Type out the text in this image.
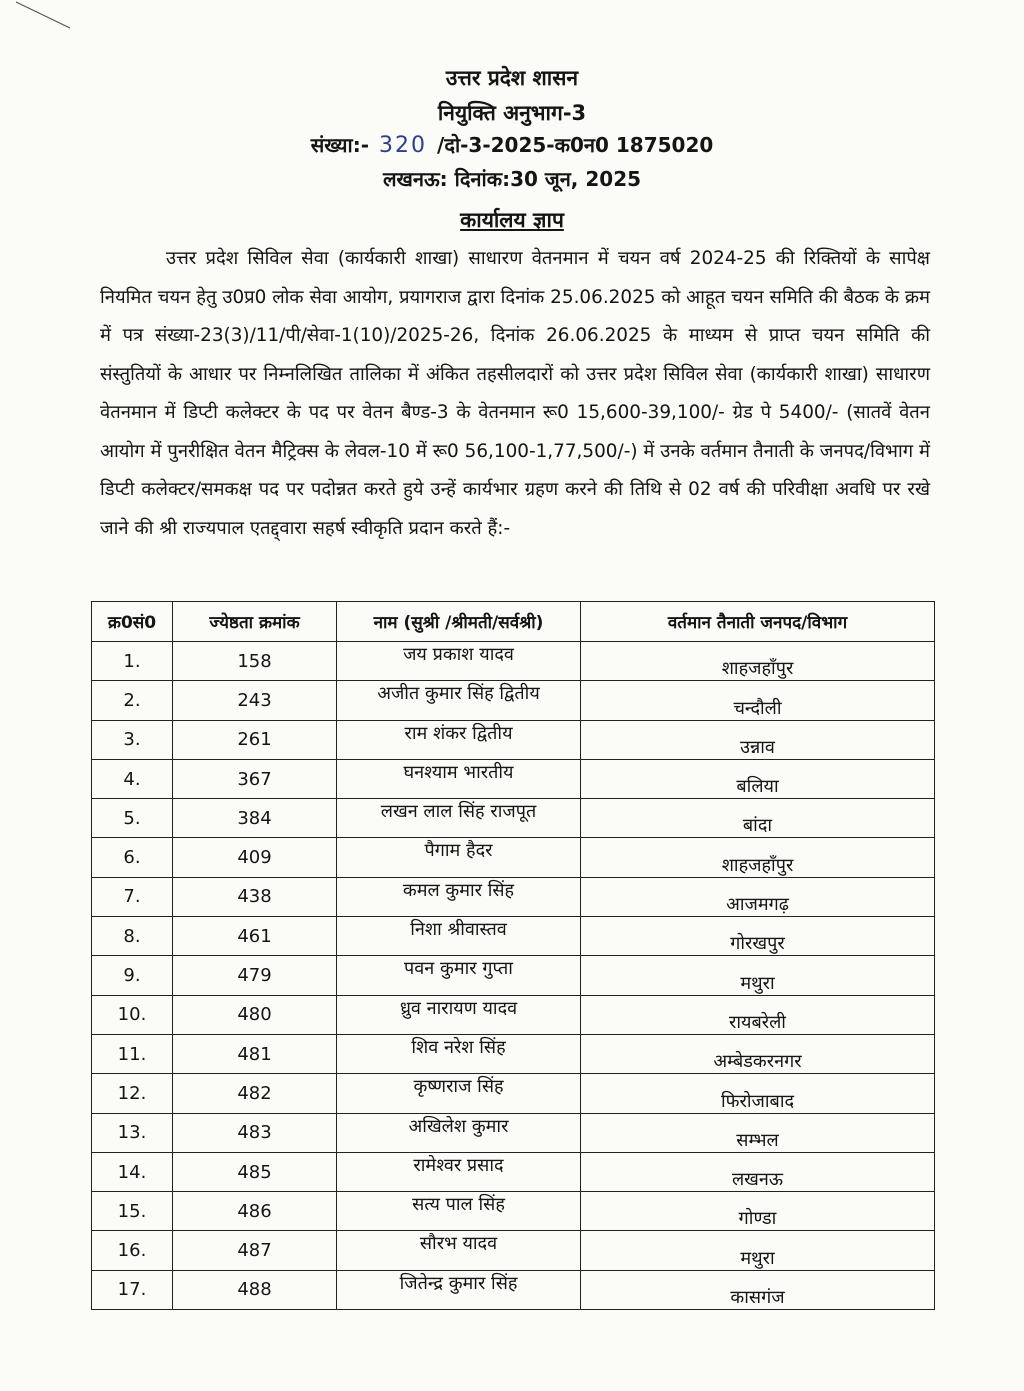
उत्तर प्रदेश शासन
नियुक्ति अनुभाग-3
संख्या:- 320 /दो-3-2025-क0न0 1875020
लखनऊ: दिनांक:30 जून, 2025
कार्यालय ज्ञाप

उत्तर प्रदेश सिविल सेवा (कार्यकारी शाखा) साधारण वेतनमान में चयन वर्ष 2024-25 की रिक्तियों के सापेक्ष नियमित चयन हेतु उ0प्र0 लोक सेवा आयोग, प्रयागराज द्वारा दिनांक 25.06.2025 को आहूत चयन समिति की बैठक के क्रम में पत्र संख्या-23(3)/11/पी/सेवा-1(10)/2025-26, दिनांक 26.06.2025 के माध्यम से प्राप्त चयन समिति की संस्तुतियों के आधार पर निम्नलिखित तालिका में अंकित तहसीलदारों को उत्तर प्रदेश सिविल सेवा (कार्यकारी शाखा) साधारण वेतनमान में डिप्टी कलेक्टर के पद पर वेतन बैण्ड-3 के वेतनमान रू0 15,600-39,100/- ग्रेड पे 5400/- (सातवें वेतन आयोग में पुनरीक्षित वेतन मैट्रिक्स के लेवल-10 में रू0 56,100-1,77,500/-) में उनके वर्तमान तैनाती के जनपद/विभाग में डिप्टी कलेक्टर/समकक्ष पद पर पदोन्नत करते हुये उन्हें कार्यभार ग्रहण करने की तिथि से 02 वर्ष की परिवीक्षा अवधि पर रखे जाने की श्री राज्यपाल एतद्द्वारा सहर्ष स्वीकृति प्रदान करते हैं:-

क्र0सं0	ज्येष्ठता क्रमांक	नाम (सुश्री /श्रीमती/सर्वश्री)	वर्तमान तैनाती जनपद/विभाग
1.	158	जय प्रकाश यादव	शाहजहाँपुर
2.	243	अजीत कुमार सिंह द्वितीय	चन्दौली
3.	261	राम शंकर द्वितीय	उन्नाव
4.	367	घनश्याम भारतीय	बलिया
5.	384	लखन लाल सिंह राजपूत	बांदा
6.	409	पैगाम हैदर	शाहजहाँपुर
7.	438	कमल कुमार सिंह	आजमगढ़
8.	461	निशा श्रीवास्तव	गोरखपुर
9.	479	पवन कुमार गुप्ता	मथुरा
10.	480	ध्रुव नारायण यादव	रायबरेली
11.	481	शिव नरेश सिंह	अम्बेडकरनगर
12.	482	कृष्णराज सिंह	फिरोजाबाद
13.	483	अखिलेश कुमार	सम्भल
14.	485	रामेश्वर प्रसाद	लखनऊ
15.	486	सत्य पाल सिंह	गोण्डा
16.	487	सौरभ यादव	मथुरा
17.	488	जितेन्द्र कुमार सिंह	कासगंज
